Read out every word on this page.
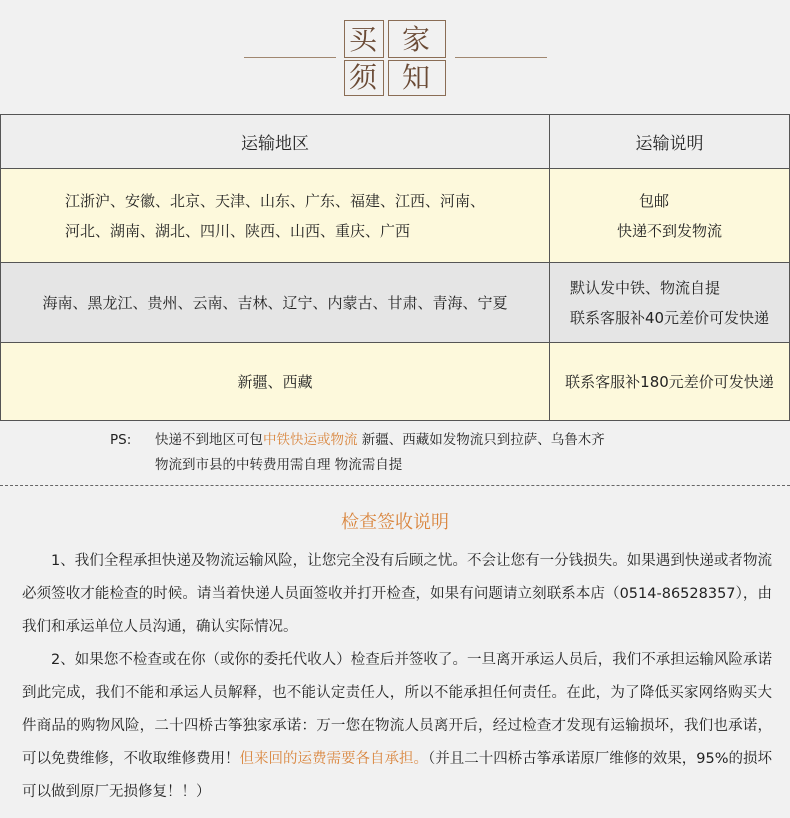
买 家
须 知
运输地区	运输说明
江浙沪、安徽、北京、天津、山东、广东、福建、江西、河南、
河北、湖南、湖北、四川、陕西、山西、重庆、广西	包邮
快递不到发物流
海南、黑龙江、贵州、云南、吉林、辽宁、内蒙古、甘肃、青海、宁夏	默认发中铁、物流自提
联系客服补40元差价可发快递
新疆、西藏	联系客服补180元差价可发快递
PS:	快递不到地区可包中铁快运或物流 新疆、西藏如发物流只到拉萨、乌鲁木齐
物流到市县的中转费用需自理 物流需自提
检查签收说明

1、我们全程承担快递及物流运输风险，让您完全没有后顾之忧。不会让您有一分钱损失。如果遇到快递或者物流必须签收才能检查的时候。请当着快递人员面签收并打开检查，如果有问题请立刻联系本店（0514-86528357），由我们和承运单位人员沟通，确认实际情况。

2、如果您不检查或在你（或你的委托代收人）检查后并签收了。一旦离开承运人员后，我们不承担运输风险承诺到此完成，我们不能和承运人员解释，也不能认定责任人，所以不能承担任何责任。在此，为了降低买家网络购买大件商品的购物风险，二十四桥古筝独家承诺：万一您在物流人员离开后，经过检查才发现有运输损坏，我们也承诺，可以免费维修，不收取维修费用！但来回的运费需要各自承担。（并且二十四桥古筝承诺原厂维修的效果，95%的损坏可以做到原厂无损修复！！）
